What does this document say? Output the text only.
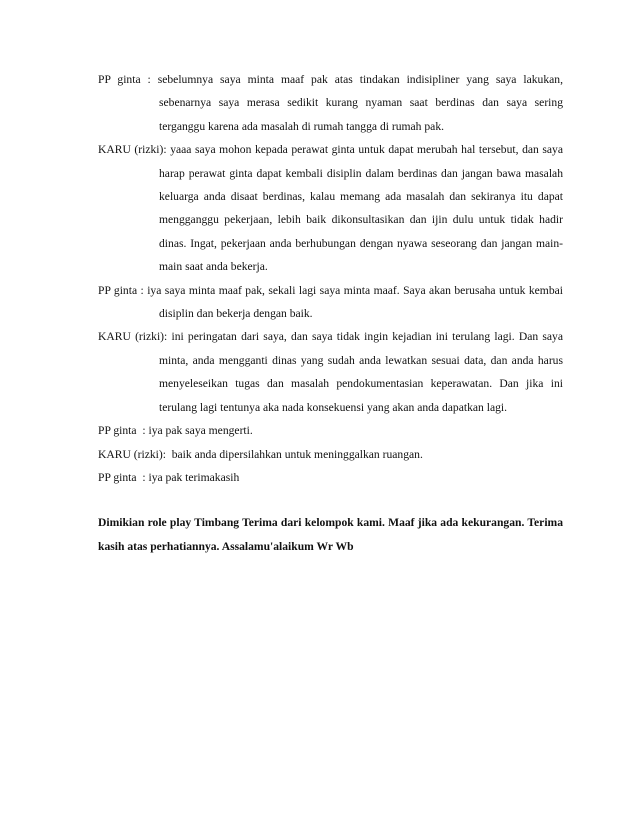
PP ginta : sebelumnya saya minta maaf pak atas tindakan indisipliner yang saya lakukan, sebenarnya saya merasa sedikit kurang nyaman saat berdinas dan saya sering terganggu karena ada masalah di rumah tangga di rumah pak.

KARU (rizki): yaaa saya mohon kepada perawat ginta untuk dapat merubah hal tersebut, dan saya harap perawat ginta dapat kembali disiplin dalam berdinas dan jangan bawa masalah keluarga anda disaat berdinas, kalau memang ada masalah dan sekiranya itu dapat mengganggu pekerjaan, lebih baik dikonsultasikan dan ijin dulu untuk tidak hadir dinas. Ingat, pekerjaan anda berhubungan dengan nyawa seseorang dan jangan main-main saat anda bekerja.

PP ginta : iya saya minta maaf pak, sekali lagi saya minta maaf. Saya akan berusaha untuk kembai disiplin dan bekerja dengan baik.

KARU (rizki): ini peringatan dari saya, dan saya tidak ingin kejadian ini terulang lagi. Dan saya minta, anda mengganti dinas yang sudah anda lewatkan sesuai data, dan anda harus menyeleseikan tugas dan masalah pendokumentasian keperawatan. Dan jika ini terulang lagi tentunya aka nada konsekuensi yang akan anda dapatkan lagi.

PP ginta  : iya pak saya mengerti.

KARU (rizki):  baik anda dipersilahkan untuk meninggalkan ruangan.

PP ginta  : iya pak terimakasih

Dimikian role play Timbang Terima dari kelompok kami. Maaf jika ada kekurangan. Terima kasih atas perhatiannya. Assalamu'alaikum Wr Wb
